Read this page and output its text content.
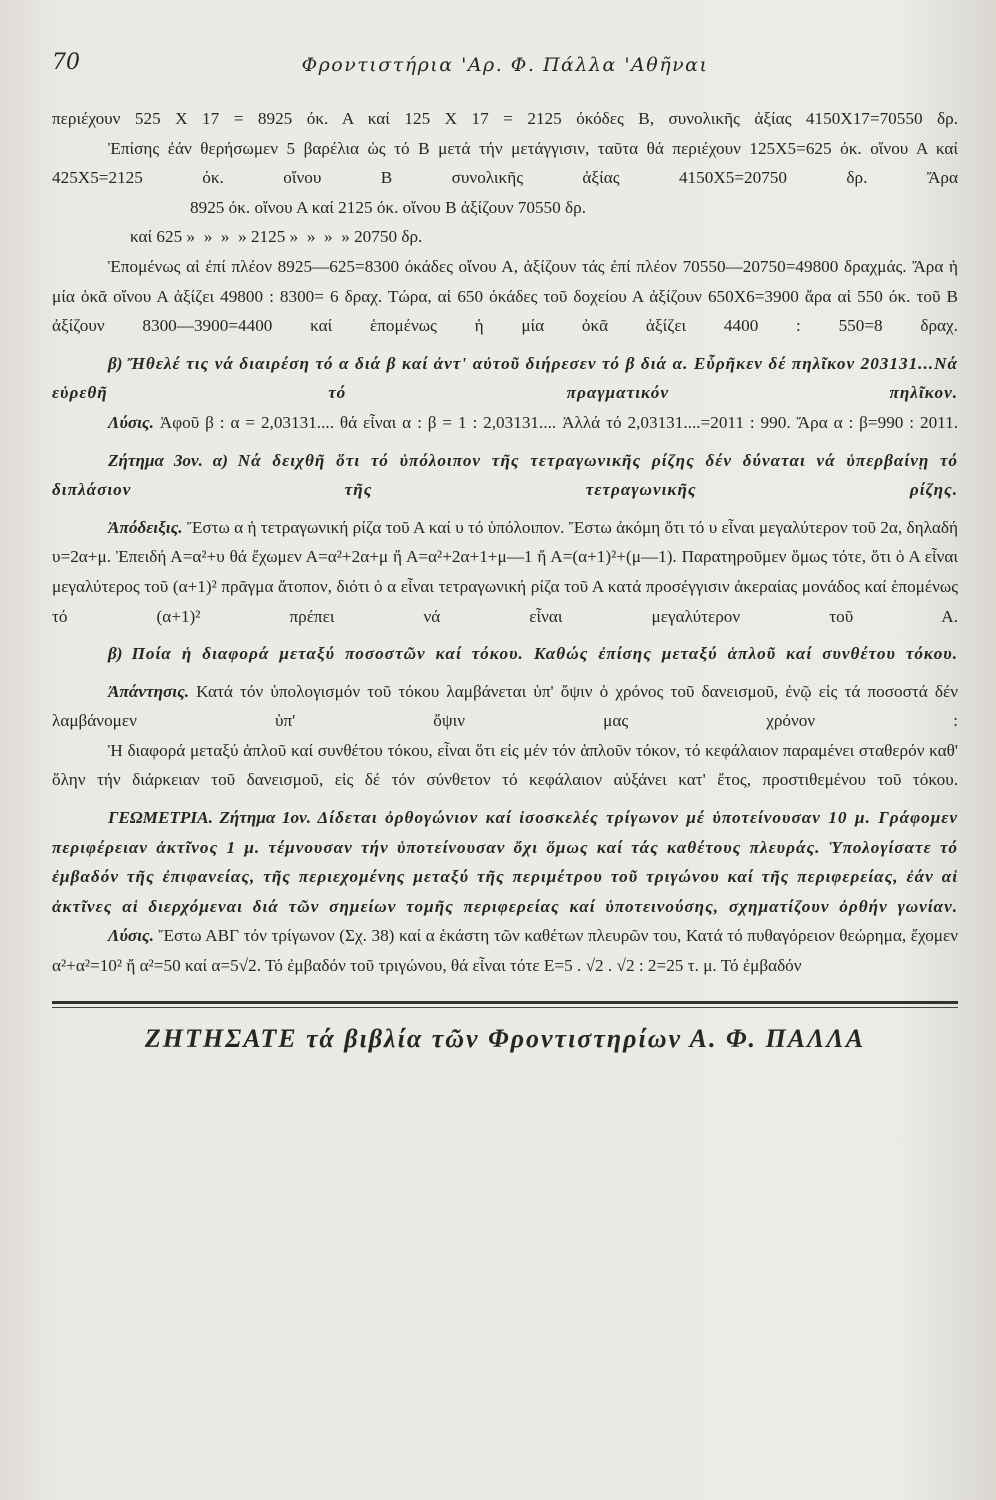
70	Φροντιστήρια 'Αρ. Φ. Πάλλα 'Αθῆναι

περιέχουν 525 X 17 = 8925 όκ. Α καί 125 X 17 = 2125 όκόδες Β, συνολικῆς ἀξίας 4150X17=70550 δρ.

Ἐπίσης ἐάν θερήσωμεν 5 βαρέλια ὡς τό Β μετά τήν μετάγγισιν, ταῦτα θά περιέχουν 125X5=625 όκ. οἴνου Α καί 425X5=2125 όκ. οἴνου Β συνολικῆς ἀξίας 4150X5=20750 δρ. Ἄρα

8925 όκ. οἴνου Α καί 2125 όκ. οἴνου Β ἀξίζουν 70550 δρ.
καί 625 »  »  »  » 2125 »  »  »  » 20750 δρ.

Ἑπομένως αἱ ἐπί πλέον 8925—625=8300 όκάδες οἴνου Α, ἀξίζουν τάς ἐπί πλέον 70550—20750=49800 δραχμάς. Ἄρα ἡ μία ὀκᾶ οἴνου Α ἀξίζει 49800 : 8300= 6 δραχ. Τώρα, αἱ 650 όκάδες τοῦ δοχείου Α ἀξίζουν 650X6=3900 ἄρα αἱ 550 όκ. τοῦ Β ἀξίζουν 8300—3900=4400 καί ἑπομένως ἡ μία ὀκᾶ ἀξίζει 4400 : 550=8 δραχ.

β) Ἤθελέ τις νά διαιρέση τό α διά β καί ἀντ' αὐτοῦ διήρεσεν τό β διά α. Εὗρῆκεν δέ πηλῖκον 203131...Νά εὑρεθῆ τό πραγματικόν πηλῖκον.

Λύσις. Ἀφοῦ β : α = 2,03131.... θά εἶναι α : β = 1 : 2,03131.... Ἀλλά τό 2,03131....=2011 : 990. Ἄρα α : β=990 : 2011.

Ζήτημα 3ον. α) Νά δειχθῆ ὅτι τό ὑπόλοιπον τῆς τετραγωνικῆς ρίζης δέν δύναται νά ὑπερβαίνῃ τό διπλάσιον τῆς τετραγωνικῆς ρίζης.

Ἀπόδειξις. Ἔστω α ἡ τετραγωνική ρίζα τοῦ Α καί υ τό ὑπόλοιπον. Ἔστω ἀκόμη ὅτι τό υ εἶναι μεγαλύτερον τοῦ 2α, δηλαδή υ=2α+μ. Ἐπειδή Α=α²+υ θά ἔχωμεν Α=α²+2α+μ ἤ Α=α²+2α+1+μ—1 ἤ Α=(α+1)²+(μ—1). Παρατηροῦμεν ὅμως τότε, ὅτι ὁ Α εἶναι μεγαλύτερος τοῦ (α+1)² πρᾶγμα ἄτοπον, διότι ὁ α εἶναι τετραγωνική ρίζα τοῦ Α κατά προσέγγισιν ἀκεραίας μονάδος καί ἑπομένως τό (α+1)² πρέπει νά εἶναι μεγαλύτερον τοῦ Α.

β) Ποία ἡ διαφορά μεταξύ ποσοστῶν καί τόκου. Καθώς ἐπίσης μεταξύ ἁπλοῦ καί συνθέτου τόκου.

Ἀπάντησις. Κατά τόν ὑπολογισμόν τοῦ τόκου λαμβάνεται ὑπ' ὄψιν ὁ χρόνος τοῦ δανεισμοῦ, ἐνῷ εἰς τά ποσοστά δέν λαμβάνομεν ὑπ' ὄψιν μας χρόνον :

Ἡ διαφορά μεταξύ ἁπλοῦ καί συνθέτου τόκου, εἶναι ὅτι εἰς μέν τόν ἁπλοῦν τόκον, τό κεφάλαιον παραμένει σταθερόν καθ' ὅλην τήν διάρκειαν τοῦ δανεισμοῦ, εἰς δέ τόν σύνθετον τό κεφάλαιον αὐξάνει κατ' ἔτος, προστιθεμένου τοῦ τόκου.

ΓΕΩΜΕΤΡΙΑ. Ζήτημα 1ον. Δίδεται ὀρθογώνιον καί ἰσοσκελές τρίγωνον μέ ὑποτείνουσαν 10 μ. Γράφομεν περιφέρειαν ἀκτῖνος 1 μ. τέμνουσαν τήν ὑποτείνουσαν ὄχι ὅμως καί τάς καθέτους πλευράς. Ὑπολογίσατε τό ἐμβαδόν τῆς ἐπιφανείας, τῆς περιεχομένης μεταξύ τῆς περιμέτρου τοῦ τριγώνου καί τῆς περιφερείας, ἐάν αἱ ἀκτῖνες αἱ διερχόμεναι διά τῶν σημείων τομῆς περιφερείας καί ὑποτεινούσης, σχηματίζουν ὀρθήν γωνίαν.

Λύσις. Ἔστω ΑΒΓ τόν τρίγωνον (Σχ. 38) καί α ἑκάστη τῶν καθέτων πλευρῶν του, Κατά τό πυθαγόρειον θεώρημα, ἔχομεν α²+α²=10² ἤ α²=50 καί α=5√2. Τό ἐμβαδόν τοῦ τριγώνου, θά εἶναι τότε Ε=5 . √2 . √2 : 2=25 τ. μ. Τό ἐμβαδόν

ΖΗΤΗΣΑΤΕ τά βιβλία τῶν Φροντιστηρίων Α. Φ. ΠΑΛΛΑ
